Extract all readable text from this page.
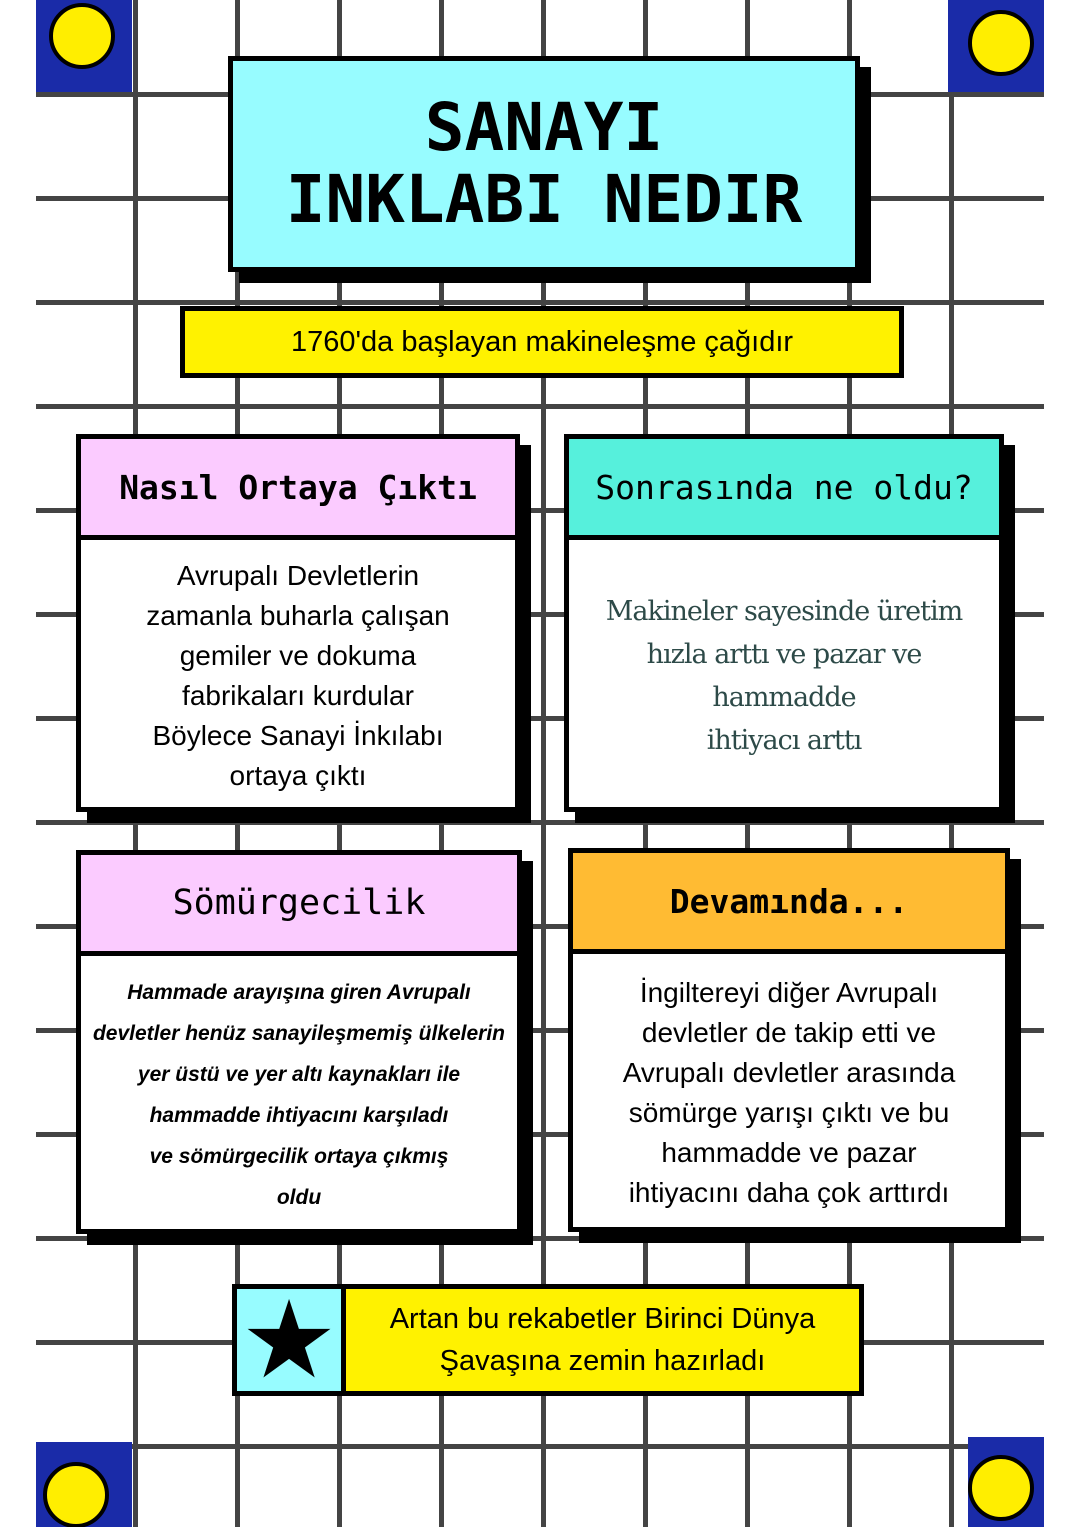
SANAYI
INKLABI NEDIR
1760'da başlayan makineleşme çağıdır
Nasıl Ortaya Çıktı
Avrupalı Devletlerin
zamanla buharla çalışan
gemiler ve dokuma
fabrikaları kurdular
Böylece Sanayi İnkılabı
ortaya çıktı
Sonrasında ne oldu?
Makineler sayesinde üretim
hızla arttı ve pazar ve hammadde
ihtiyacı arttı
Sömürgecilik
Hammade arayışına giren Avrupalı
devletler henüz sanayileşmemiş ülkelerin
yer üstü ve yer altı kaynakları ile
hammadde ihtiyacını karşıladı
ve sömürgecilik ortaya çıkmış
oldu
Devamında...
İngiltereyi diğer Avrupalı
devletler de takip etti ve
Avrupalı devletler arasında
sömürge yarışı çıktı ve bu
hammadde ve pazar
ihtiyacını daha çok arttırdı
★ Artan bu rekabetler Birinci Dünya
Şavaşına zemin hazırladı
